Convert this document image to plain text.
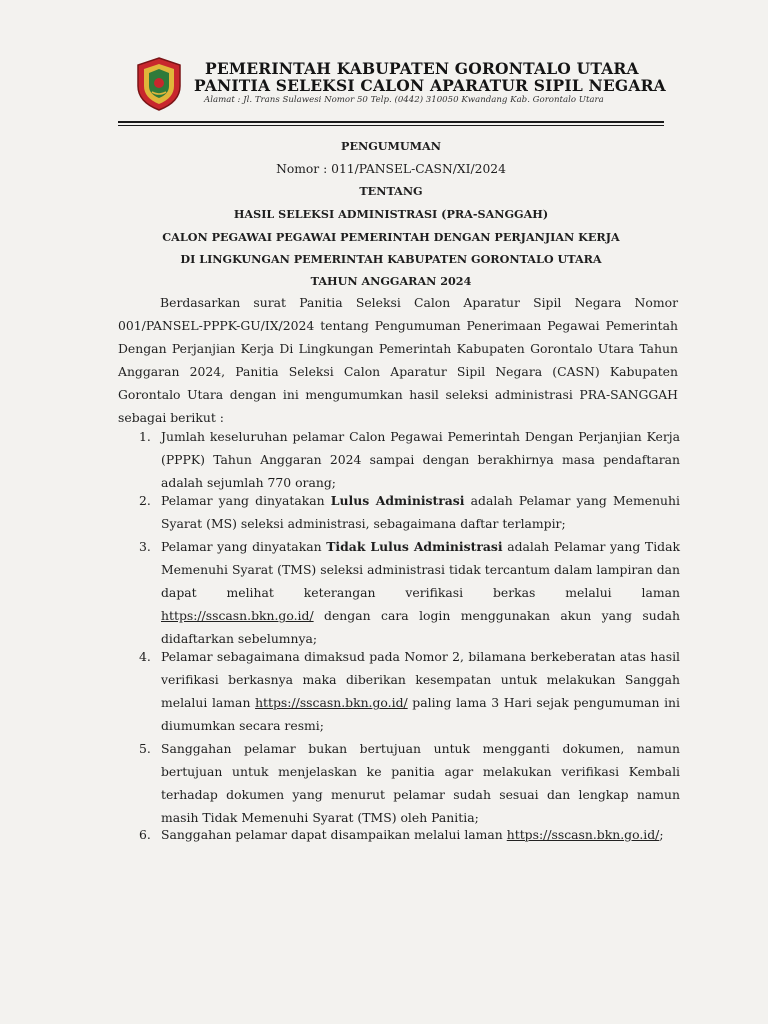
PEMERINTAH KABUPATEN GORONTALO UTARA
PANITIA SELEKSI CALON APARATUR SIPIL NEGARA
Alamat : Jl. Trans Sulawesi Nomor 50 Telp. (0442) 310050 Kwandang Kab. Gorontalo Utara
PENGUMUMAN
Nomor : 011/PANSEL-CASN/XI/2024
TENTANG
HASIL SELEKSI ADMINISTRASI (PRA-SANGGAH)
CALON PEGAWAI PEGAWAI PEMERINTAH DENGAN PERJANJIAN KERJA
DI LINGKUNGAN PEMERINTAH KABUPATEN GORONTALO UTARA
TAHUN ANGGARAN 2024
Berdasarkan surat Panitia Seleksi Calon Aparatur Sipil Negara Nomor 001/PANSEL-PPPK-GU/IX/2024 tentang Pengumuman Penerimaan Pegawai Pemerintah Dengan Perjanjian Kerja Di Lingkungan Pemerintah Kabupaten Gorontalo Utara Tahun Anggaran 2024, Panitia Seleksi Calon Aparatur Sipil Negara (CASN) Kabupaten Gorontalo Utara dengan ini mengumumkan hasil seleksi administrasi PRA-SANGGAH sebagai berikut :
1. Jumlah keseluruhan pelamar Calon Pegawai Pemerintah Dengan Perjanjian Kerja (PPPK) Tahun Anggaran 2024 sampai dengan berakhirnya masa pendaftaran adalah sejumlah 770 orang;
2. Pelamar yang dinyatakan Lulus Administrasi adalah Pelamar yang Memenuhi Syarat (MS) seleksi administrasi, sebagaimana daftar terlampir;
3. Pelamar yang dinyatakan Tidak Lulus Administrasi adalah Pelamar yang Tidak Memenuhi Syarat (TMS) seleksi administrasi tidak tercantum dalam lampiran dan dapat melihat keterangan verifikasi berkas melalui laman https://sscasn.bkn.go.id/ dengan cara login menggunakan akun yang sudah didaftarkan sebelumnya;
4. Pelamar sebagaimana dimaksud pada Nomor 2, bilamana berkeberatan atas hasil verifikasi berkasnya maka diberikan kesempatan untuk melakukan Sanggah melalui laman https://sscasn.bkn.go.id/ paling lama 3 Hari sejak pengumuman ini diumumkan secara resmi;
5. Sanggahan pelamar bukan bertujuan untuk mengganti dokumen, namun bertujuan untuk menjelaskan ke panitia agar melakukan verifikasi Kembali terhadap dokumen yang menurut pelamar sudah sesuai dan lengkap namun masih Tidak Memenuhi Syarat (TMS) oleh Panitia;
6. Sanggahan pelamar dapat disampaikan melalui laman https://sscasn.bkn.go.id/;
